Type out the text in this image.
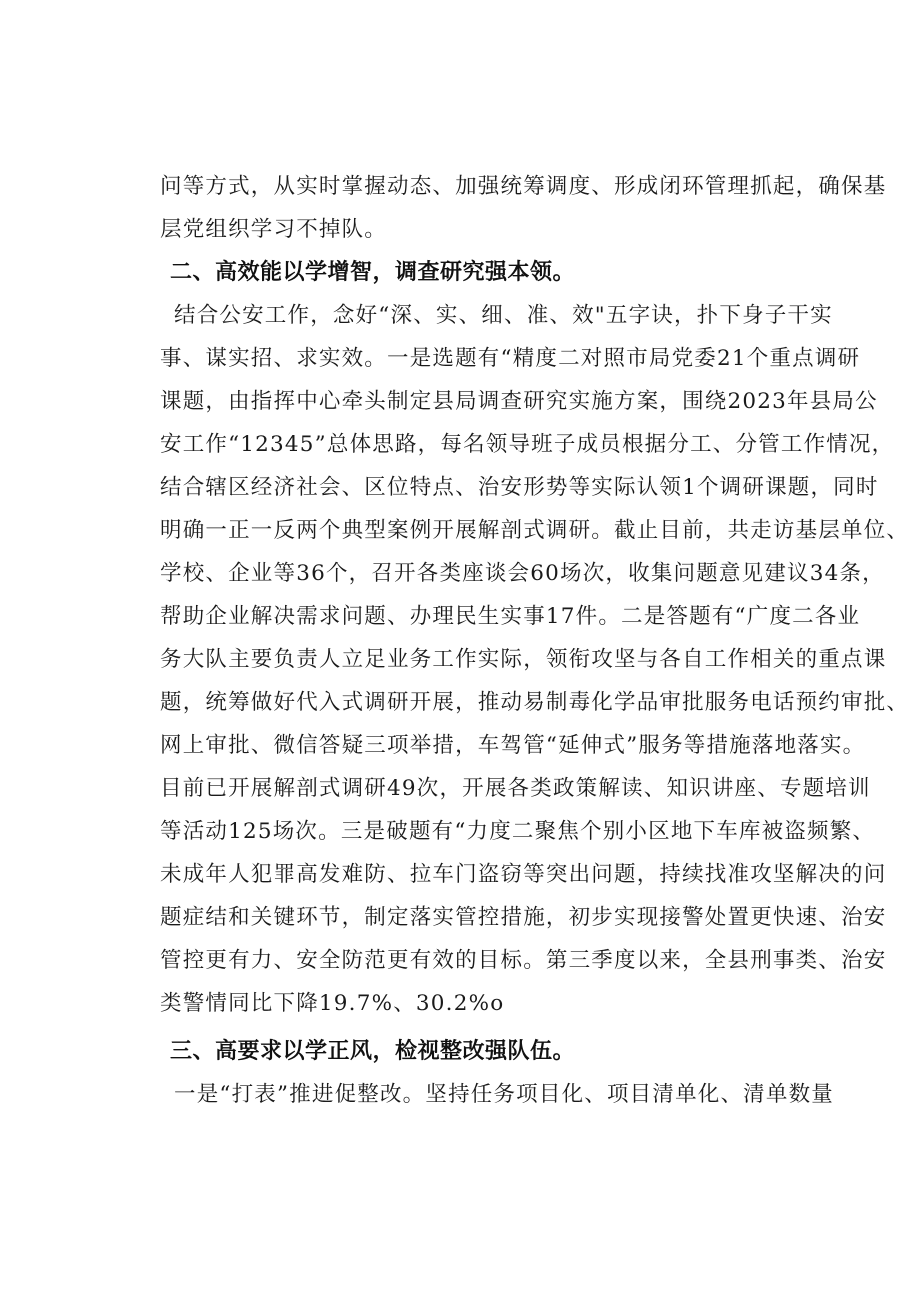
问等方式，从实时掌握动态、加强统筹调度、形成闭环管理抓起，确保基
层党组织学习不掉队。
二、高效能以学增智，调查研究强本领。
结合公安工作，念好“深、实、细、准、效"五字诀，扑下身子干实
事、谋实招、求实效。一是选题有“精度二对照市局党委21个重点调研
课题，由指挥中心牵头制定县局调查研究实施方案，围绕2023年县局公
安工作“12345”总体思路，每名领导班子成员根据分工、分管工作情况，
结合辖区经济社会、区位特点、治安形势等实际认领1个调研课题，同时
明确一正一反两个典型案例开展解剖式调研。截止目前，共走访基层单位、
学校、企业等36个，召开各类座谈会60场次，收集问题意见建议34条，
帮助企业解决需求问题、办理民生实事17件。二是答题有“广度二各业
务大队主要负责人立足业务工作实际，领衔攻坚与各自工作相关的重点课
题，统筹做好代入式调研开展，推动易制毒化学品审批服务电话预约审批、
网上审批、微信答疑三项举措，车驾管“延伸式”服务等措施落地落实。
目前已开展解剖式调研49次，开展各类政策解读、知识讲座、专题培训
等活动125场次。三是破题有“力度二聚焦个别小区地下车库被盗频繁、
未成年人犯罪高发难防、拉车门盗窃等突出问题，持续找准攻坚解决的问
题症结和关键环节，制定落实管控措施，初步实现接警处置更快速、治安
管控更有力、安全防范更有效的目标。第三季度以来，全县刑事类、治安
类警情同比下降19.7%、30.2%o
三、高要求以学正风，检视整改强队伍。
一是“打表”推进促整改。坚持任务项目化、项目清单化、清单数量
